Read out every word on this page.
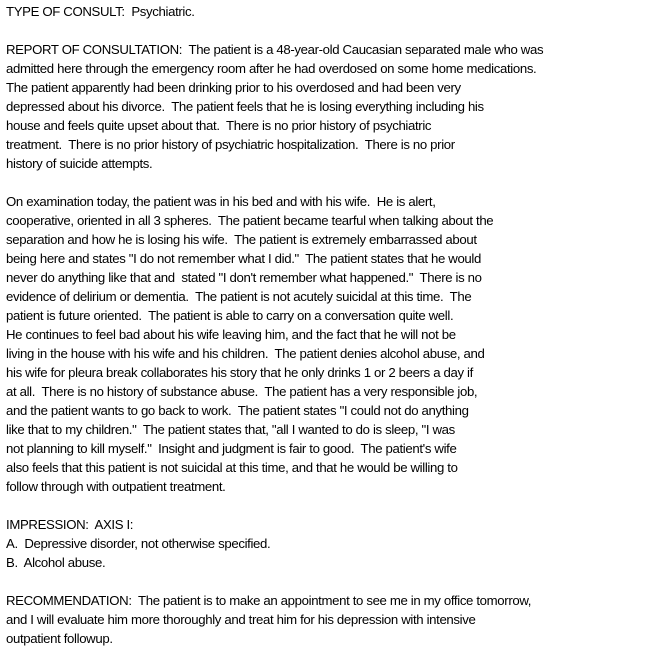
TYPE OF CONSULT:  Psychiatric.
REPORT OF CONSULTATION:  The patient is a 48-year-old Caucasian separated male who was
admitted here through the emergency room after he had overdosed on some home medications.
The patient apparently had been drinking prior to his overdosed and had been very
depressed about his divorce.  The patient feels that he is losing everything including his
house and feels quite upset about that.  There is no prior history of psychiatric
treatment.  There is no prior history of psychiatric hospitalization.  There is no prior
history of suicide attempts.
On examination today, the patient was in his bed and with his wife.  He is alert,
cooperative, oriented in all 3 spheres.  The patient became tearful when talking about the
separation and how he is losing his wife.  The patient is extremely embarrassed about
being here and states "I do not remember what I did."  The patient states that he would
never do anything like that and  stated "I don't remember what happened."  There is no
evidence of delirium or dementia.  The patient is not acutely suicidal at this time.  The
patient is future oriented.  The patient is able to carry on a conversation quite well.
He continues to feel bad about his wife leaving him, and the fact that he will not be
living in the house with his wife and his children.  The patient denies alcohol abuse, and
his wife for pleura break collaborates his story that he only drinks 1 or 2 beers a day if
at all.  There is no history of substance abuse.  The patient has a very responsible job,
and the patient wants to go back to work.  The patient states "I could not do anything
like that to my children."  The patient states that, "all I wanted to do is sleep, "I was
not planning to kill myself."  Insight and judgment is fair to good.  The patient's wife
also feels that this patient is not suicidal at this time, and that he would be willing to
follow through with outpatient treatment.
IMPRESSION:  AXIS I:
A.  Depressive disorder, not otherwise specified.
B.  Alcohol abuse.
RECOMMENDATION:  The patient is to make an appointment to see me in my office tomorrow,
and I will evaluate him more thoroughly and treat him for his depression with intensive
outpatient followup.
